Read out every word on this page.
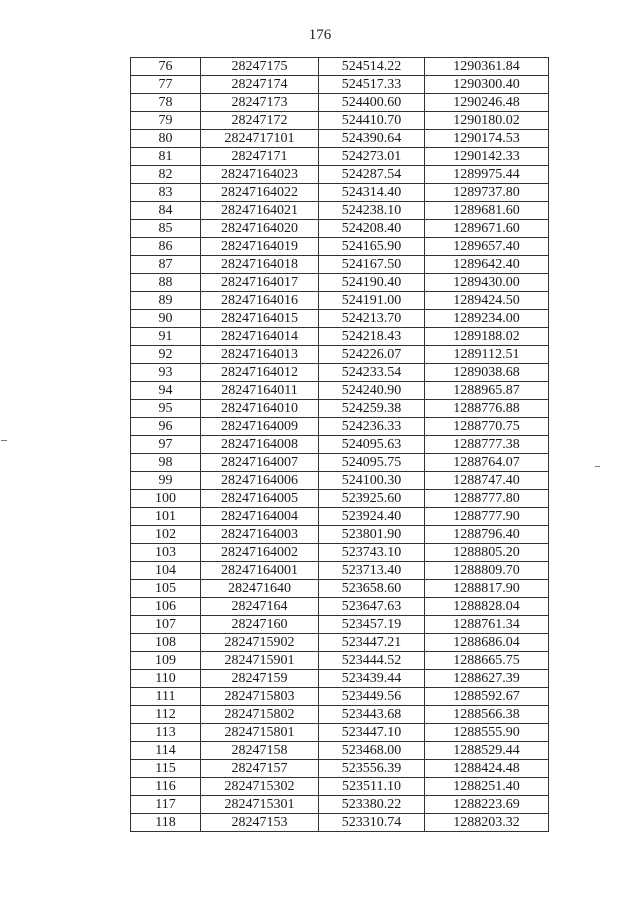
176
76	28247175	524514.22	1290361.84
77	28247174	524517.33	1290300.40
78	28247173	524400.60	1290246.48
79	28247172	524410.70	1290180.02
80	2824717101	524390.64	1290174.53
81	28247171	524273.01	1290142.33
82	28247164023	524287.54	1289975.44
83	28247164022	524314.40	1289737.80
84	28247164021	524238.10	1289681.60
85	28247164020	524208.40	1289671.60
86	28247164019	524165.90	1289657.40
87	28247164018	524167.50	1289642.40
88	28247164017	524190.40	1289430.00
89	28247164016	524191.00	1289424.50
90	28247164015	524213.70	1289234.00
91	28247164014	524218.43	1289188.02
92	28247164013	524226.07	1289112.51
93	28247164012	524233.54	1289038.68
94	28247164011	524240.90	1288965.87
95	28247164010	524259.38	1288776.88
96	28247164009	524236.33	1288770.75
97	28247164008	524095.63	1288777.38
98	28247164007	524095.75	1288764.07
99	28247164006	524100.30	1288747.40
100	28247164005	523925.60	1288777.80
101	28247164004	523924.40	1288777.90
102	28247164003	523801.90	1288796.40
103	28247164002	523743.10	1288805.20
104	28247164001	523713.40	1288809.70
105	282471640	523658.60	1288817.90
106	28247164	523647.63	1288828.04
107	28247160	523457.19	1288761.34
108	2824715902	523447.21	1288686.04
109	2824715901	523444.52	1288665.75
110	28247159	523439.44	1288627.39
111	2824715803	523449.56	1288592.67
112	2824715802	523443.68	1288566.38
113	2824715801	523447.10	1288555.90
114	28247158	523468.00	1288529.44
115	28247157	523556.39	1288424.48
116	2824715302	523511.10	1288251.40
117	2824715301	523380.22	1288223.69
118	28247153	523310.74	1288203.32
